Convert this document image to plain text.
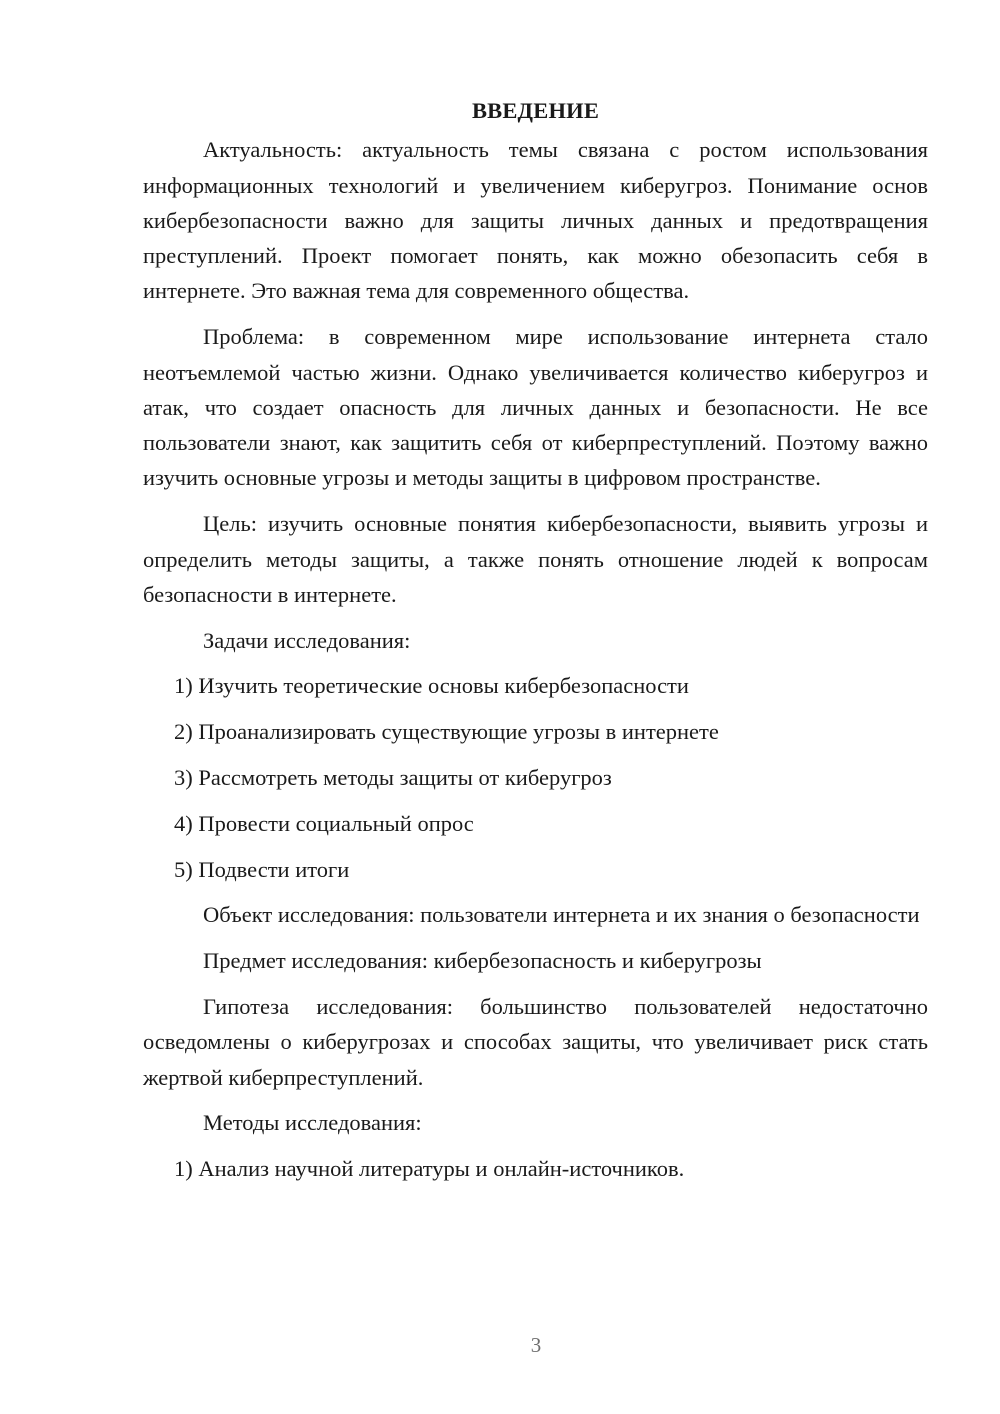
ВВЕДЕНИЕ
Актуальность: актуальность темы связана с ростом использования информационных технологий и увеличением киберугроз. Понимание основ кибербезопасности важно для защиты личных данных и предотвращения преступлений. Проект помогает понять, как можно обезопасить себя в интернете. Это важная тема для современного общества.
Проблема: в современном мире использование интернета стало неотъемлемой частью жизни. Однако увеличивается количество киберугроз и атак, что создает опасность для личных данных и безопасности. Не все пользователи знают, как защитить себя от киберпреступлений. Поэтому важно изучить основные угрозы и методы защиты в цифровом пространстве.
Цель: изучить основные понятия кибербезопасности, выявить угрозы и определить методы защиты, а также понять отношение людей к вопросам безопасности в интернете.
Задачи исследования:
1) Изучить теоретические основы кибербезопасности
2) Проанализировать существующие угрозы в интернете
3) Рассмотреть методы защиты от киберугроз
4) Провести социальный опрос
5) Подвести итоги
Объект исследования: пользователи интернета и их знания о безопасности
Предмет исследования: кибербезопасность и киберугрозы
Гипотеза исследования: большинство пользователей недостаточно осведомлены о киберугрозах и способах защиты, что увеличивает риск стать жертвой киберпреступлений.
Методы исследования:
1) Анализ научной литературы и онлайн-источников.
3
